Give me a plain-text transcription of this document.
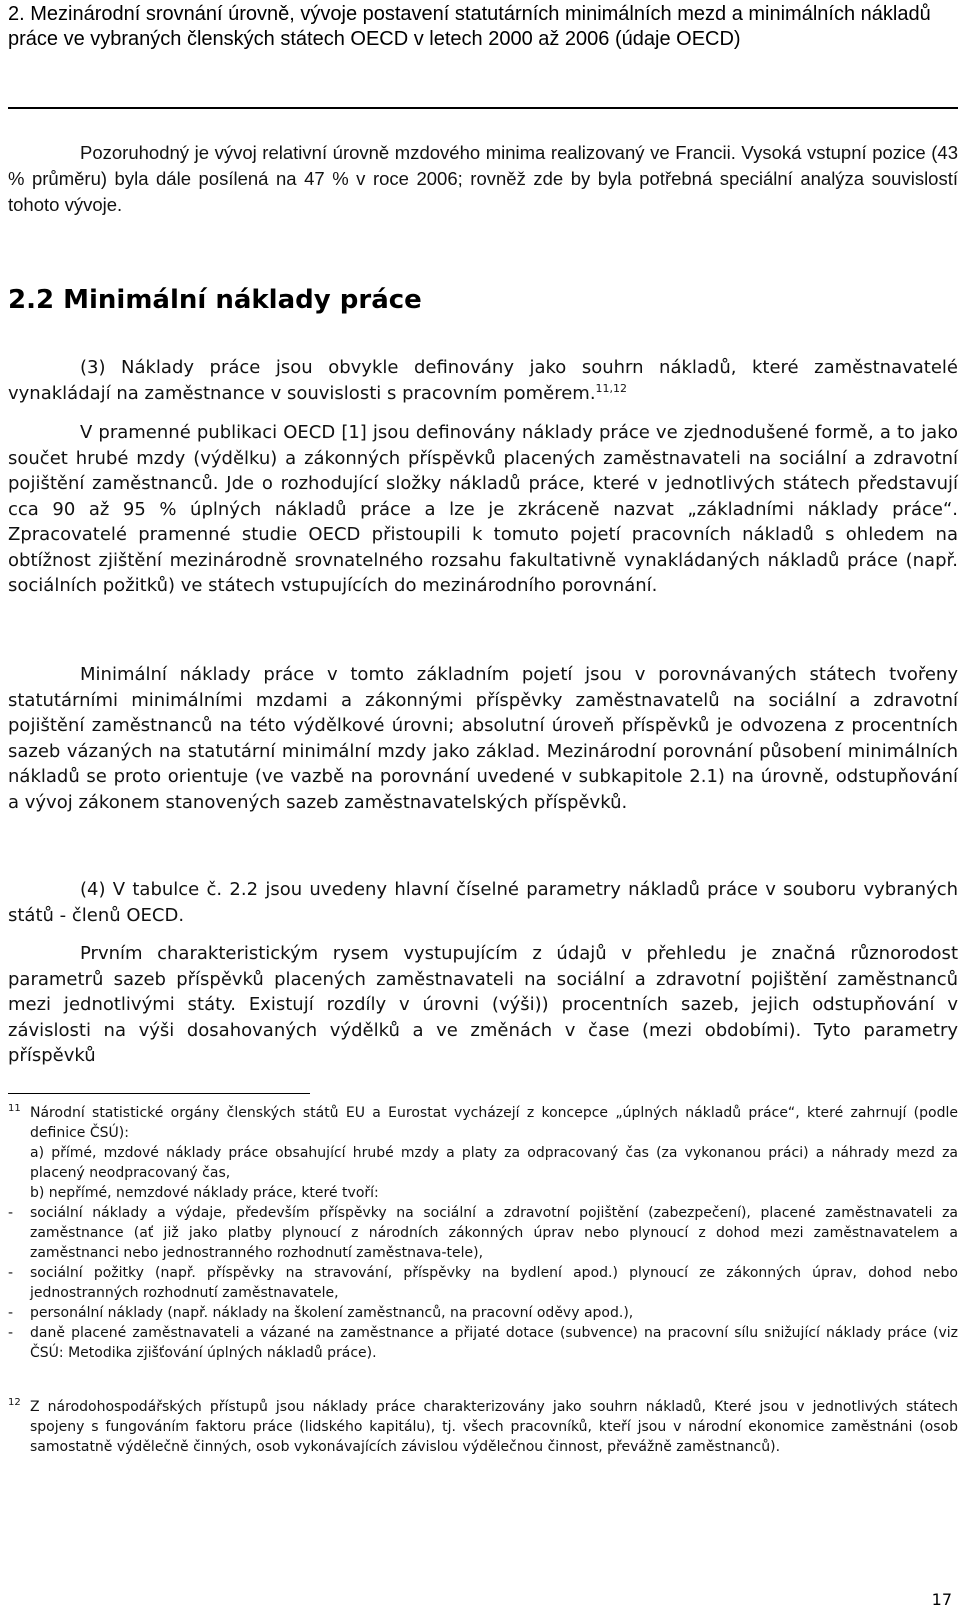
2. Mezinárodní srovnání úrovně, vývoje postavení statutárních minimálních mezd a minimálních nákladů práce ve vybraných členských státech OECD v letech 2000 až 2006 (údaje OECD)

Pozoruhodný je vývoj relativní úrovně mzdového minima realizovaný ve Francii. Vysoká vstupní pozice (43 % průměru) byla dále posílená na 47 % v roce 2006; rovněž zde by byla potřebná speciální analýza souvislostí tohoto vývoje.

2.2 Minimální náklady práce

(3) Náklady práce jsou obvykle definovány jako souhrn nákladů, které zaměstnavatelé vynakládají na zaměstnance v souvislosti s pracovním poměrem.$^{11,12}$

V pramenné publikaci OECD [1] jsou definovány náklady práce ve zjednodušené formě, a to jako součet hrubé mzdy (výdělku) a zákonných příspěvků placených zaměstnavateli na sociální a zdravotní pojištění zaměstnanců. Jde o rozhodující složky nákladů práce, které v jednotlivých státech představují cca 90 až 95 % úplných nákladů práce a lze je zkráceně nazvat „základními náklady práce“. Zpracovatelé pramenné studie OECD přistoupili k tomuto pojetí pracovních nákladů s ohledem na obtížnost zjištění mezinárodně srovnatelného rozsahu fakultativně vynakládaných nákladů práce (např. sociálních požitků) ve státech vstupujících do mezinárodního porovnání.

Minimální náklady práce v tomto základním pojetí jsou v porovnávaných státech tvořeny statutárními minimálními mzdami a zákonnými příspěvky zaměstnavatelů na sociální a zdravotní pojištění zaměstnanců na této výdělkové úrovni; absolutní úroveň příspěvků je odvozena z procentních sazeb vázaných na statutární minimální mzdy jako základ. Mezinárodní porovnání působení minimálních nákladů se proto orientuje (ve vazbě na porovnání uvedené v subkapitole 2.1) na úrovně, odstupňování a vývoj zákonem stanovených sazeb zaměstnavatelských příspěvků.

(4) V tabulce č. 2.2 jsou uvedeny hlavní číselné parametry nákladů práce v souboru vybraných států - členů OECD.

Prvním charakteristickým rysem vystupujícím z údajů v přehledu je značná různorodost parametrů sazeb příspěvků placených zaměstnavateli na sociální a zdravotní pojištění zaměstnanců mezi jednotlivými státy. Existují rozdíly v úrovni (výši)) procentních sazeb, jejich odstupňování v závislosti na výši dosahovaných výdělků a ve změnách v čase (mezi obdobími). Tyto parametry příspěvků

11 Národní statistické orgány členských států EU a Eurostat vycházejí z koncepce „úplných nákladů práce“, které zahrnují (podle definice ČSÚ):
a) přímé, mzdové náklady práce obsahující hrubé mzdy a platy za odpracovaný čas (za vykonanou práci) a náhrady mezd za placený neodpracovaný čas,
b) nepřímé, nemzdové náklady práce, které tvoří:
- sociální náklady a výdaje, především příspěvky na sociální a zdravotní pojištění (zabezpečení), placené zaměstnavateli za zaměstnance (ať již jako platby plynoucí z národních zákonných úprav nebo plynoucí z dohod mezi zaměstnavatelem a zaměstnanci nebo jednostranného rozhodnutí zaměstnava-tele),
- sociální požitky (např. příspěvky na stravování, příspěvky na bydlení apod.) plynoucí ze zákonných úprav, dohod nebo jednostranných rozhodnutí zaměstnavatele,
- personální náklady (např. náklady na školení zaměstnanců, na pracovní oděvy apod.),
- daně placené zaměstnavateli a vázané na zaměstnance a přijaté dotace (subvence) na pracovní sílu snižující náklady práce (viz ČSÚ: Metodika zjišťování úplných nákladů práce).
12 Z národohospodářských přístupů jsou náklady práce charakterizovány jako souhrn nákladů, Které jsou v jednotlivých státech spojeny s fungováním faktoru práce (lidského kapitálu), tj. všech pracovníků, kteří jsou v národní ekonomice zaměstnáni (osob samostatně výdělečně činných, osob vykonávajících závislou výdělečnou činnost, převážně zaměstnanců).
17
